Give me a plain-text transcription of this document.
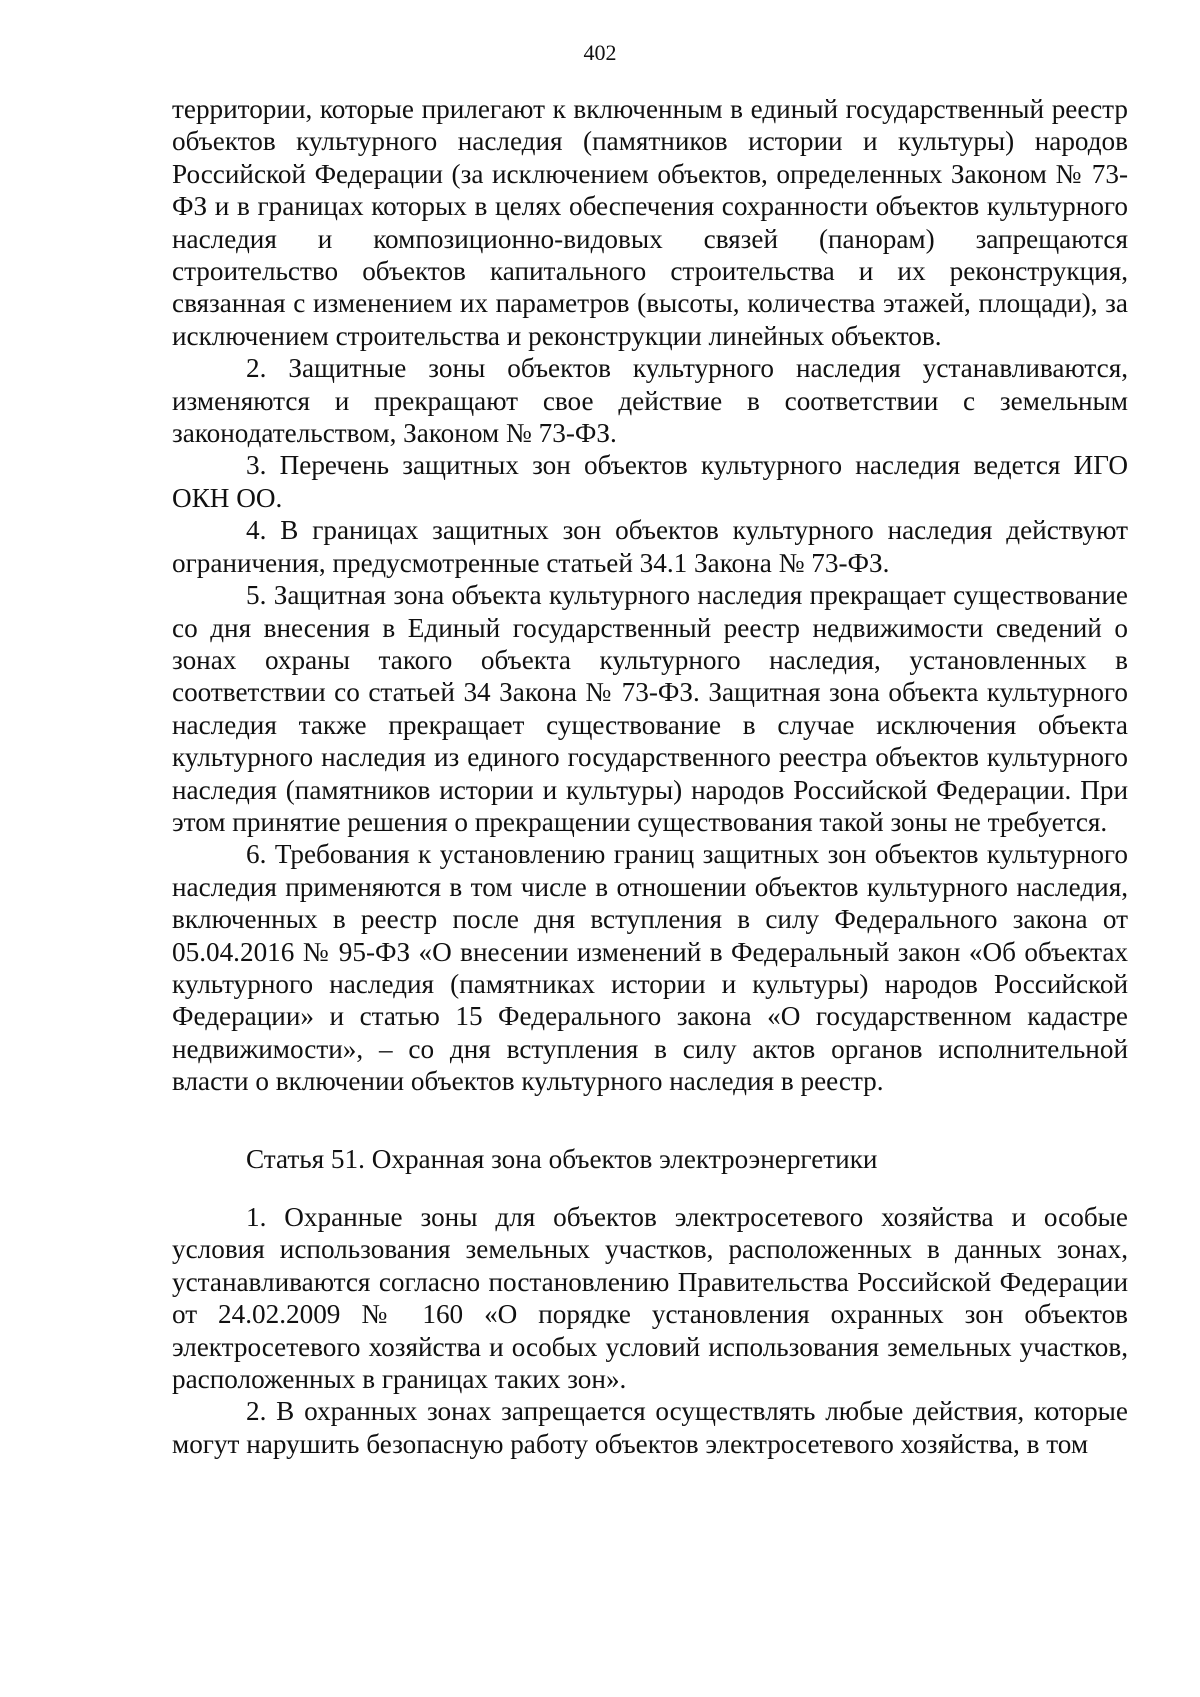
402

территории, которые прилегают к включенным в единый государственный реестр объектов культурного наследия (памятников истории и культуры) народов Российской Федерации (за исключением объектов, определенных Законом № 73-ФЗ и в границах которых в целях обеспечения сохранности объектов культурного наследия и композиционно-видовых связей (панорам) запрещаются строительство объектов капитального строительства и их реконструкция, связанная с изменением их параметров (высоты, количества этажей, площади), за исключением строительства и реконструкции линейных объектов.

2. Защитные зоны объектов культурного наследия устанавливаются, изменяются и прекращают свое действие в соответствии с земельным законодательством, Законом № 73-ФЗ.

3. Перечень защитных зон объектов культурного наследия ведется ИГО ОКН ОО.

4. В границах защитных зон объектов культурного наследия действуют ограничения, предусмотренные статьей 34.1 Закона № 73-ФЗ.

5. Защитная зона объекта культурного наследия прекращает существование со дня внесения в Единый государственный реестр недвижимости сведений о зонах охраны такого объекта культурного наследия, установленных в соответствии со статьей 34 Закона № 73-ФЗ. Защитная зона объекта культурного наследия также прекращает существование в случае исключения объекта культурного наследия из единого государственного реестра объектов культурного наследия (памятников истории и культуры) народов Российской Федерации. При этом принятие решения о прекращении существования такой зоны не требуется.

6. Требования к установлению границ защитных зон объектов культурного наследия применяются в том числе в отношении объектов культурного наследия, включенных в реестр после дня вступления в силу Федерального закона от 05.04.2016 № 95-ФЗ «О внесении изменений в Федеральный закон «Об объектах культурного наследия (памятниках истории и культуры) народов Российской Федерации» и статью 15 Федерального закона «О государственном кадастре недвижимости», – со дня вступления в силу актов органов исполнительной власти о включении объектов культурного наследия в реестр.

Статья 51. Охранная зона объектов электроэнергетики

1. Охранные зоны для объектов электросетевого хозяйства и особые условия использования земельных участков, расположенных в данных зонах, устанавливаются согласно постановлению Правительства Российской Федерации от 24.02.2009 № 160 «О порядке установления охранных зон объектов электросетевого хозяйства и особых условий использования земельных участков, расположенных в границах таких зон».

2. В охранных зонах запрещается осуществлять любые действия, которые могут нарушить безопасную работу объектов электросетевого хозяйства, в том
